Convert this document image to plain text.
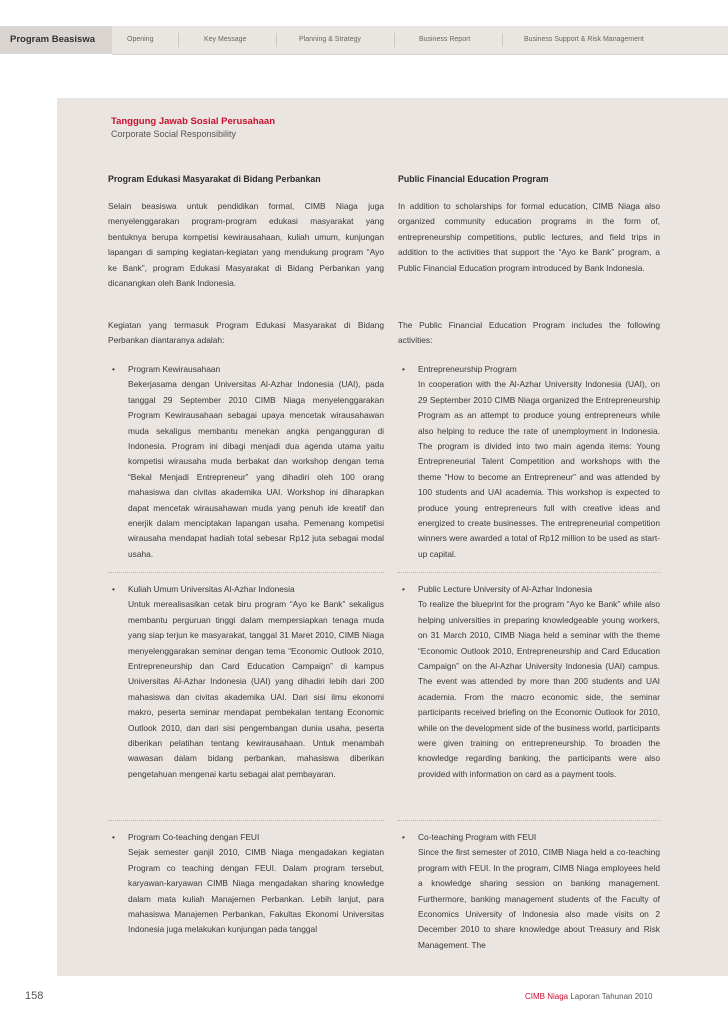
Program Beasiswa	Opening	Key Message	Planning & Strategy	Business Report	Business Support & Risk Management
Tanggung Jawab Sosial Perusahaan
Corporate Social Responsibility

Program Edukasi Masyarakat di Bidang Perbankan

Selain beasiswa untuk pendidikan formal, CIMB Niaga juga menyelenggarakan program-program edukasi masyarakat yang bentuknya berupa kompetisi kewirausahaan, kuliah umum, kunjungan lapangan di samping kegiatan-kegiatan yang mendukung program “Ayo ke Bank”, program Edukasi Masyarakat di Bidang Perbankan yang dicanangkan oleh Bank Indonesia.

Kegiatan yang termasuk Program Edukasi Masyarakat di Bidang Perbankan diantaranya adalah:

• Program Kewirausahaan

Bekerjasama dengan Universitas Al-Azhar Indonesia (UAI), pada tanggal 29 September 2010 CIMB Niaga menyelenggarakan Program Kewirausahaan sebagai upaya mencetak wirausahawan muda sekaligus membantu menekan angka pengangguran di Indonesia. Program ini dibagi menjadi dua agenda utama yaitu kompetisi wirausaha muda berbakat dan workshop dengan tema “Bekal Menjadi Entrepreneur” yang dihadiri oleh 100 orang mahasiswa dan civitas akademika UAI. Workshop ini diharapkan dapat mencetak wirausahawan muda yang penuh ide kreatif dan enerjik dalam menciptakan lapangan usaha. Pemenang kompetisi wirausaha mendapat hadiah total sebesar Rp12 juta sebagai modal usaha.

• Kuliah Umum Universitas Al-Azhar Indonesia

Untuk merealisasikan cetak biru program “Ayo ke Bank” sekaligus membantu perguruan tinggi dalam mempersiapkan tenaga muda yang siap terjun ke masyarakat, tanggal 31 Maret 2010, CIMB Niaga menyelenggarakan seminar dengan tema “Economic Outlook 2010, Entrepreneurship dan Card Education Campaign” di kampus Universitas Al-Azhar Indonesia (UAI) yang dihadiri lebih dari 200 mahasiswa dan civitas akademika UAI. Dari sisi ilmu ekonomi makro, peserta seminar mendapat pembekalan tentang Economic Outlook 2010, dan dari sisi pengembangan dunia usaha, peserta diberikan pelatihan tentang kewirausahaan. Untuk menambah wawasan dalam bidang perbankan, mahasiswa diberikan pengetahuan mengenai kartu sebagai alat pembayaran.

• Program Co-teaching dengan FEUI

Sejak semester ganjil 2010, CIMB Niaga mengadakan kegiatan Program co teaching dengan FEUI. Dalam program tersebut, karyawan-karyawan CIMB Niaga mengadakan sharing knowledge dalam mata kuliah Manajemen Perbankan. Lebih lanjut, para mahasiswa Manajemen Perbankan, Fakultas Ekonomi Universitas Indonesia juga melakukan kunjungan pada tanggal

Public Financial Education Program

In addition to scholarships for formal education, CIMB Niaga also organized community education programs in the form of, entrepreneurship competitions, public lectures, and field trips in addition to the activities that support the “Ayo ke Bank” program, a Public Financial Education program introduced by Bank Indonesia.

The Public Financial Education Program includes the following activities:

• Entrepreneurship Program

In cooperation with the Al-Azhar University Indonesia (UAI), on 29 September 2010 CIMB Niaga organized the Entrepreneurship Program as an attempt to produce young entrepreneurs while also helping to reduce the rate of unemployment in Indonesia. The program is divided into two main agenda items: Young Entrepreneurial Talent Competition and workshops with the theme “How to become an Entrepreneur” and was attended by 100 students and UAI academia. This workshop is expected to produce young entrepreneurs full with creative ideas and energized to create businesses. The entrepreneurial competition winners were awarded a total of Rp12 million to be used as start-up capital.

• Public Lecture University of Al-Azhar Indonesia

To realize the blueprint for the program “Ayo ke Bank” while also helping universities in preparing knowledgeable young workers, on 31 March 2010, CIMB Niaga held a seminar with the theme “Economic Outlook 2010, Entrepreneurship and Card Education Campaign” on the Al-Azhar University Indonesia (UAI) campus. The event was attended by more than 200 students and UAI academia. From the macro economic side, the seminar participants received briefing on the Economic Outlook for 2010, while on the development side of the business world, participants were given training on entrepreneurship. To broaden the knowledge regarding banking, the participants were also provided with information on card as a payment tools.

• Co-teaching Program with FEUI

Since the first semester of 2010, CIMB Niaga held a co-teaching program with FEUI. In the program, CIMB Niaga employees held a knowledge sharing session on banking management. Furthermore, banking management students of the Faculty of Economics University of Indonesia also made visits on 2 December 2010 to share knowledge about Treasury and Risk Management. The

158	CIMB Niaga Laporan Tahunan 2010
